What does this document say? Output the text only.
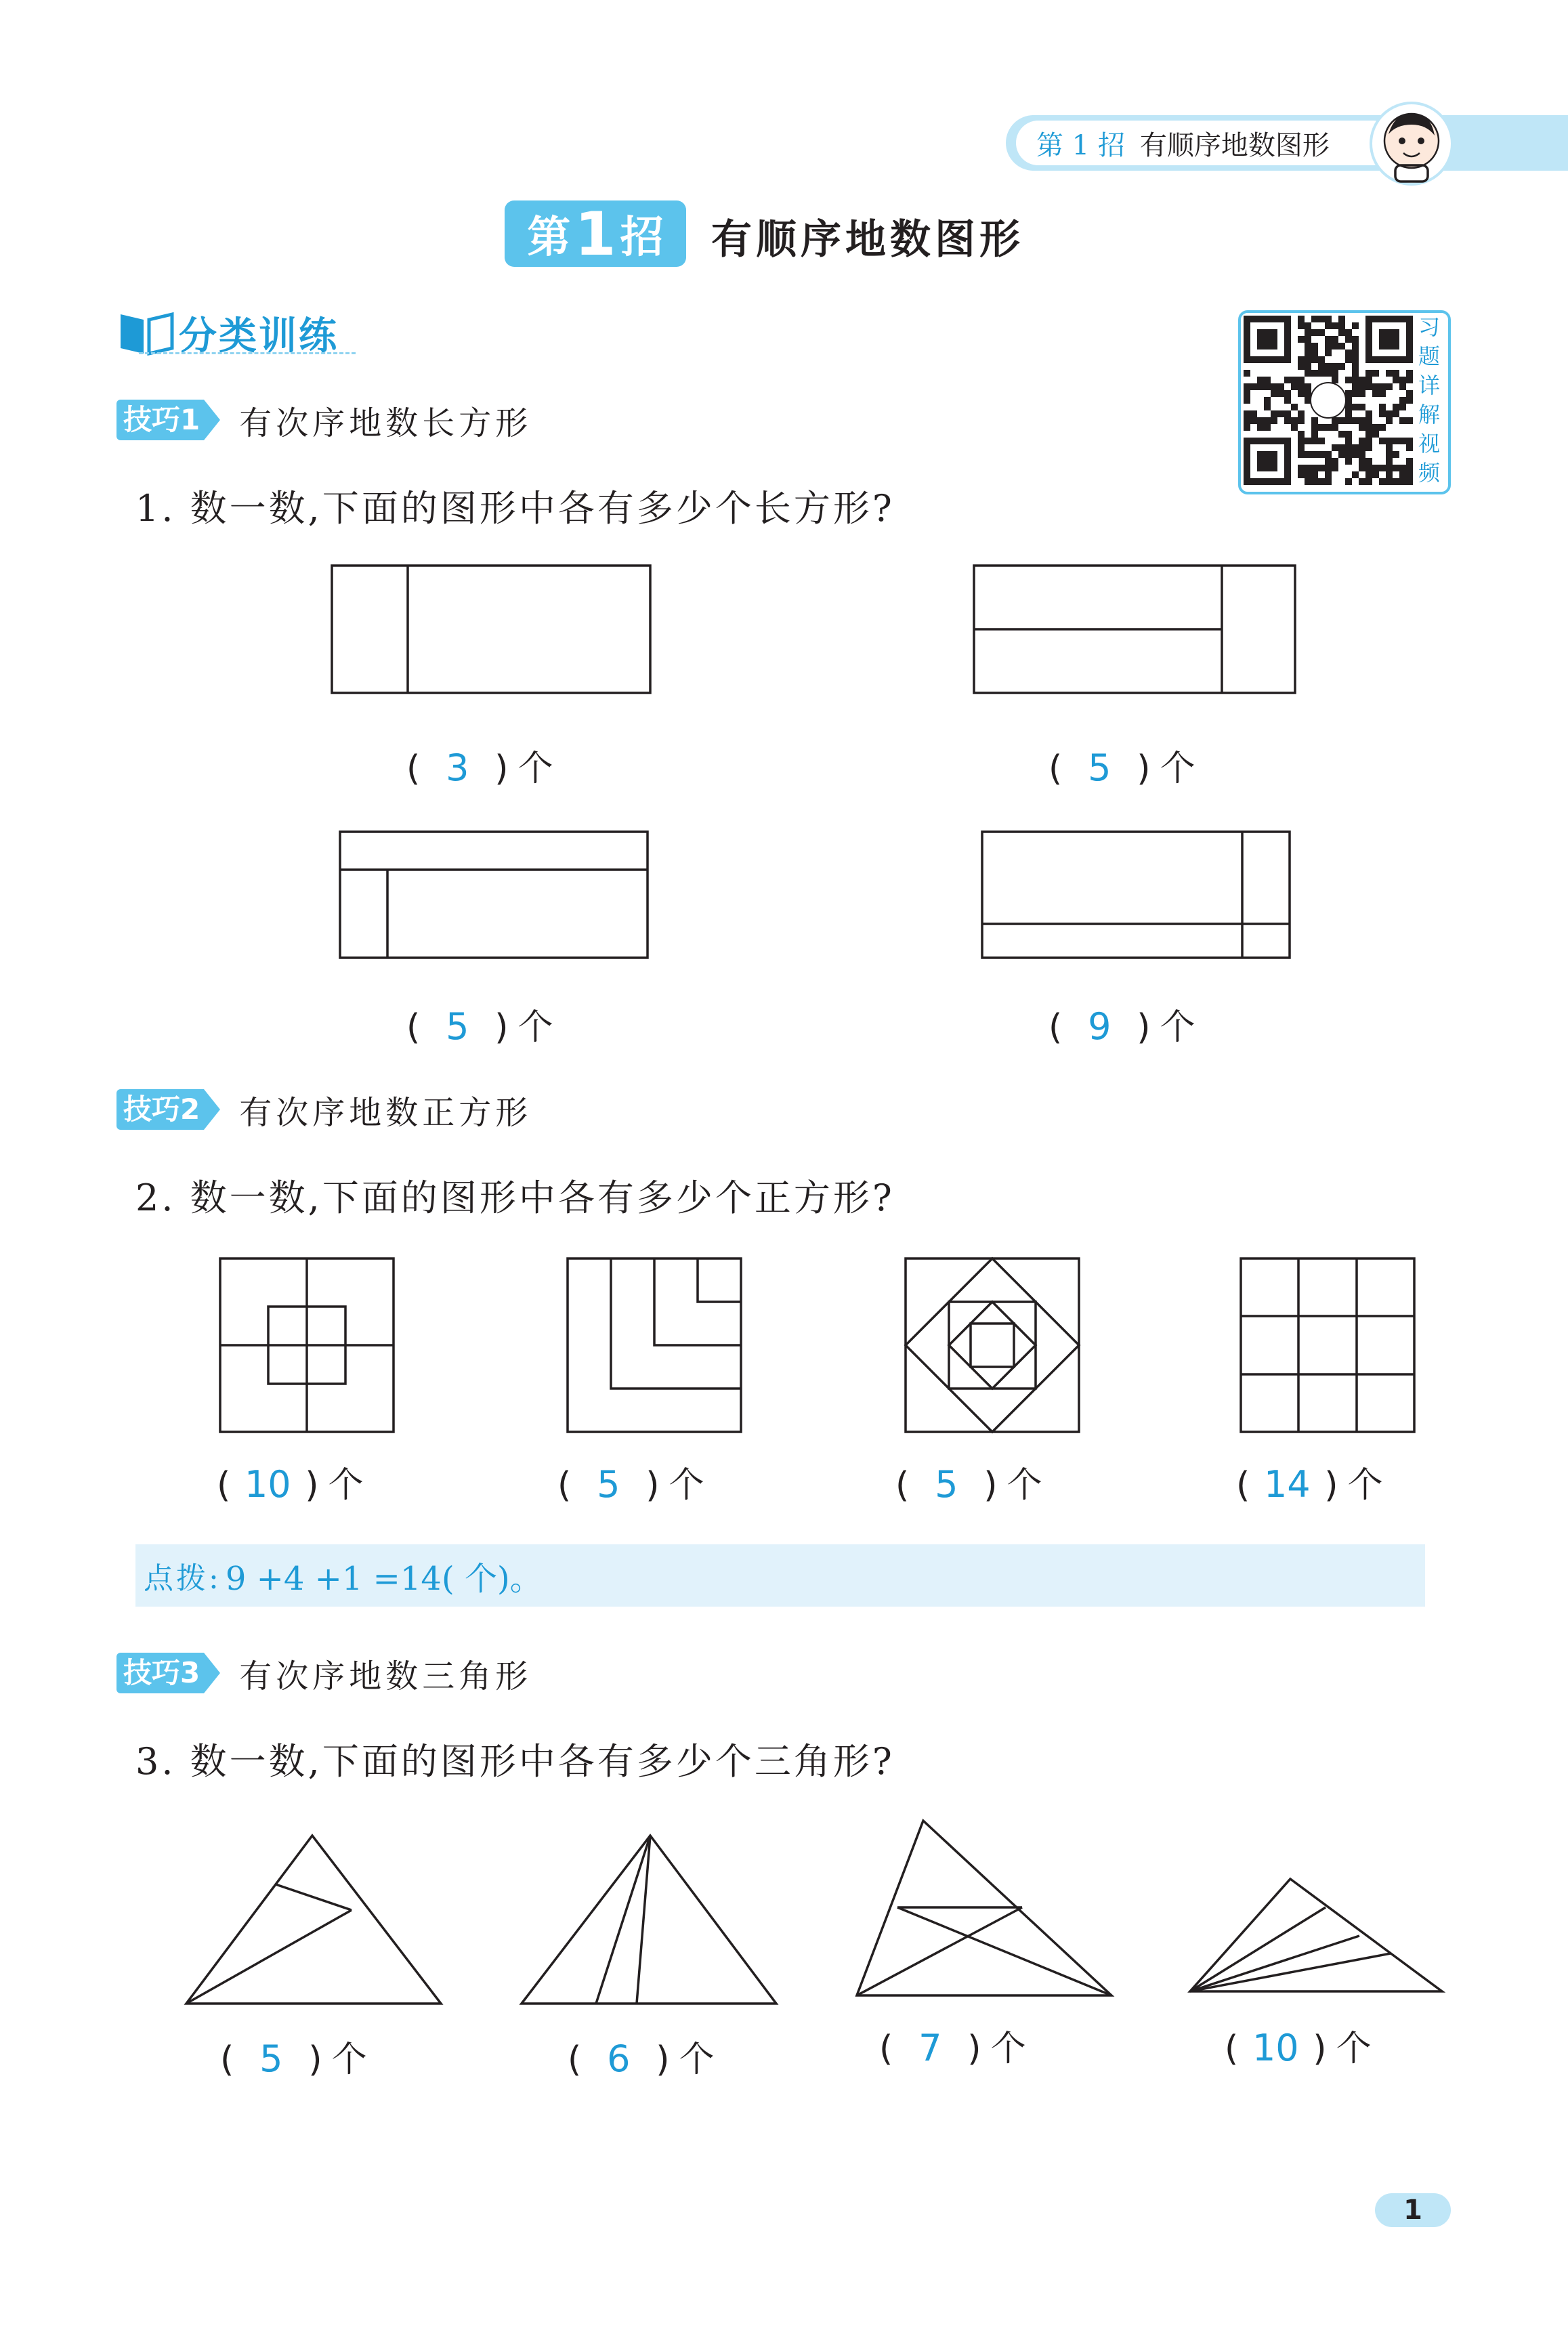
第 1 招 有顺序地数图形
第 1 招 有顺序地数图形
分类训练	习
题
详
解
视
频
技巧1 有次序地数长方形
1. 数一数,下面的图形中各有多少个长方形?
( 3 ) 个	( 5 ) 个
( 5 ) 个	( 9 ) 个
技巧2 有次序地数正方形
2. 数一数,下面的图形中各有多少个正方形?
( 10 ) 个	( 5 ) 个	( 5 ) 个	( 14 ) 个
点拨: 9 +4 +1 =14( 个)。
技巧3 有次序地数三角形
3. 数一数,下面的图形中各有多少个三角形?
( 5 ) 个	( 6 ) 个	( 7 ) 个	( 10 ) 个
1
